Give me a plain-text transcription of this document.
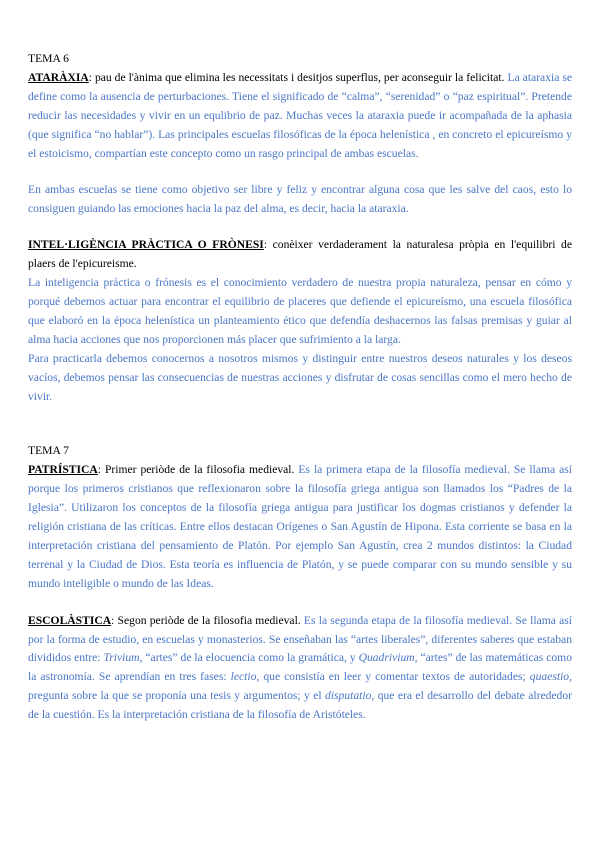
TEMA 6

ATARÀXIA: pau de l'ànima que elimina les necessitats i desitjos superflus, per aconseguir la felicitat. La ataraxia se define como la ausencia de perturbaciones. Tiene el significado de “calma”, “serenidad” o “paz espiritual”. Pretende reducir las necesidades y vivir en un equlibrio de paz. Muchas veces la ataraxia puede ir acompañada de la aphasia (que significa “no hablar”). Las principales escuelas filosóficas de la época helenística , en concreto el epicureísmo y el estoicismo, compartían este concepto como un rasgo principal de ambas escuelas.

En ambas escuelas se tiene como objetivo ser libre y feliz y encontrar alguna cosa que les salve del caos, esto lo consiguen guiando las emociones hacia la paz del alma, es decir, hacia la ataraxia.

INTEL·LIGÈNCIA PRÀCTICA O FRÒNESI: conèixer verdaderament la naturalesa pròpia en l'equilibri de plaers de l'epicureisme.

La inteligencia práctica o frónesis es el conocimiento verdadero de nuestra propia naturaleza, pensar en cómo y porqué debemos actuar para encontrar el equilibrio de placeres que defiende el epicureísmo, una escuela filosófica que elaboró en la época helenística un planteamiento ético que defendía deshacernos las falsas premisas y guiar al alma hacia acciones que nos proporcionen más placer que sufrimiento a la larga.

Para practicarla debemos conocernos a nosotros mismos y distinguir entre nuestros deseos naturales y los deseos vacíos, debemos pensar las consecuencias de nuestras acciones y disfrutar de cosas sencillas como el mero hecho de vivir.

TEMA 7

PATRÍSTICA: Primer periòde de la filosofia medieval. Es la primera etapa de la filosofía medieval. Se llama así porque los primeros cristianos que reflexionaron sobre la filosofía griega antigua son llamados los “Padres de la Iglesia”. Utilizaron los conceptos de la filosofía griega antigua para justificar los dogmas cristianos y defender la religión cristiana de las críticas. Entre ellos destacan Orígenes o San Agustín de Hipona. Esta corriente se basa en la interpretación cristiana del pensamiento de Platón. Por ejemplo San Agustín, crea 2 mundos distintos: la Ciudad terrenal y la Ciudad de Dios. Esta teoría es influencia de Platón, y se puede comparar con su mundo sensible y su mundo inteligible o mundo de las Ideas.

ESCOLÀSTICA: Segon periòde de la filosofia medieval. Es la segunda etapa de la filosofía medieval. Se llama así por la forma de estudio, en escuelas y monasterios. Se enseñaban las “artes liberales”, diferentes saberes que estaban divididos entre: Trivium, “artes” de la elocuencia como la gramática, y Quadrivium, “artes” de las matemáticas como la astronomía. Se aprendían en tres fases: lectio, que consistía en leer y comentar textos de autoridades; quaestio, pregunta sobre la que se proponía una tesis y argumentos; y el disputatio, que era el desarrollo del debate alrededor de la cuestión. Es la interpretación cristiana de la filosofía de Aristóteles.
